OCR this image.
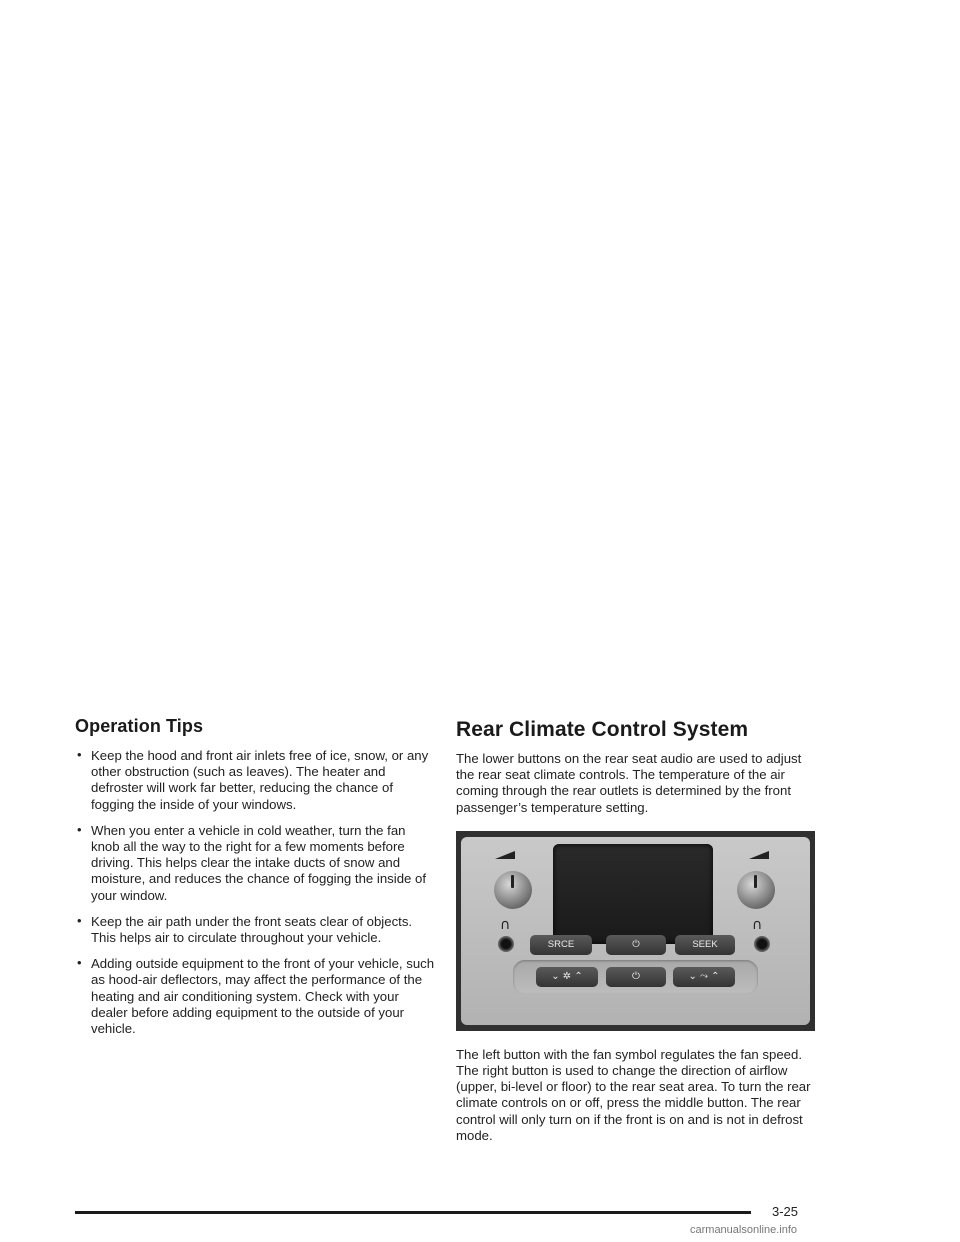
Operation Tips
• Keep the hood and front air inlets free of ice, snow, or any other obstruction (such as leaves). The heater and defroster will work far better, reducing the chance of fogging the inside of your windows.
• When you enter a vehicle in cold weather, turn the fan knob all the way to the right for a few moments before driving. This helps clear the intake ducts of snow and moisture, and reduces the chance of fogging the inside of your window.
• Keep the air path under the front seats clear of objects. This helps air to circulate throughout your vehicle.
• Adding outside equipment to the front of your vehicle, such as hood-air deflectors, may affect the performance of the heating and air conditioning system. Check with your dealer before adding equipment to the outside of your vehicle.
Rear Climate Control System

The lower buttons on the rear seat audio are used to adjust the rear seat climate controls. The temperature of the air coming through the rear outlets is determined by the front passenger’s temperature setting.

∩	∩
SRCE	⏻	SEEK
⌄ ✲ ⌃	⏻	⌄ ⤳ ⌃

The left button with the fan symbol regulates the fan speed. The right button is used to change the direction of airflow (upper, bi-level or floor) to the rear seat area. To turn the rear climate controls on or off, press the middle button. The rear control will only turn on if the front is on and is not in defrost mode.

3-25
carmanualsonline.info
